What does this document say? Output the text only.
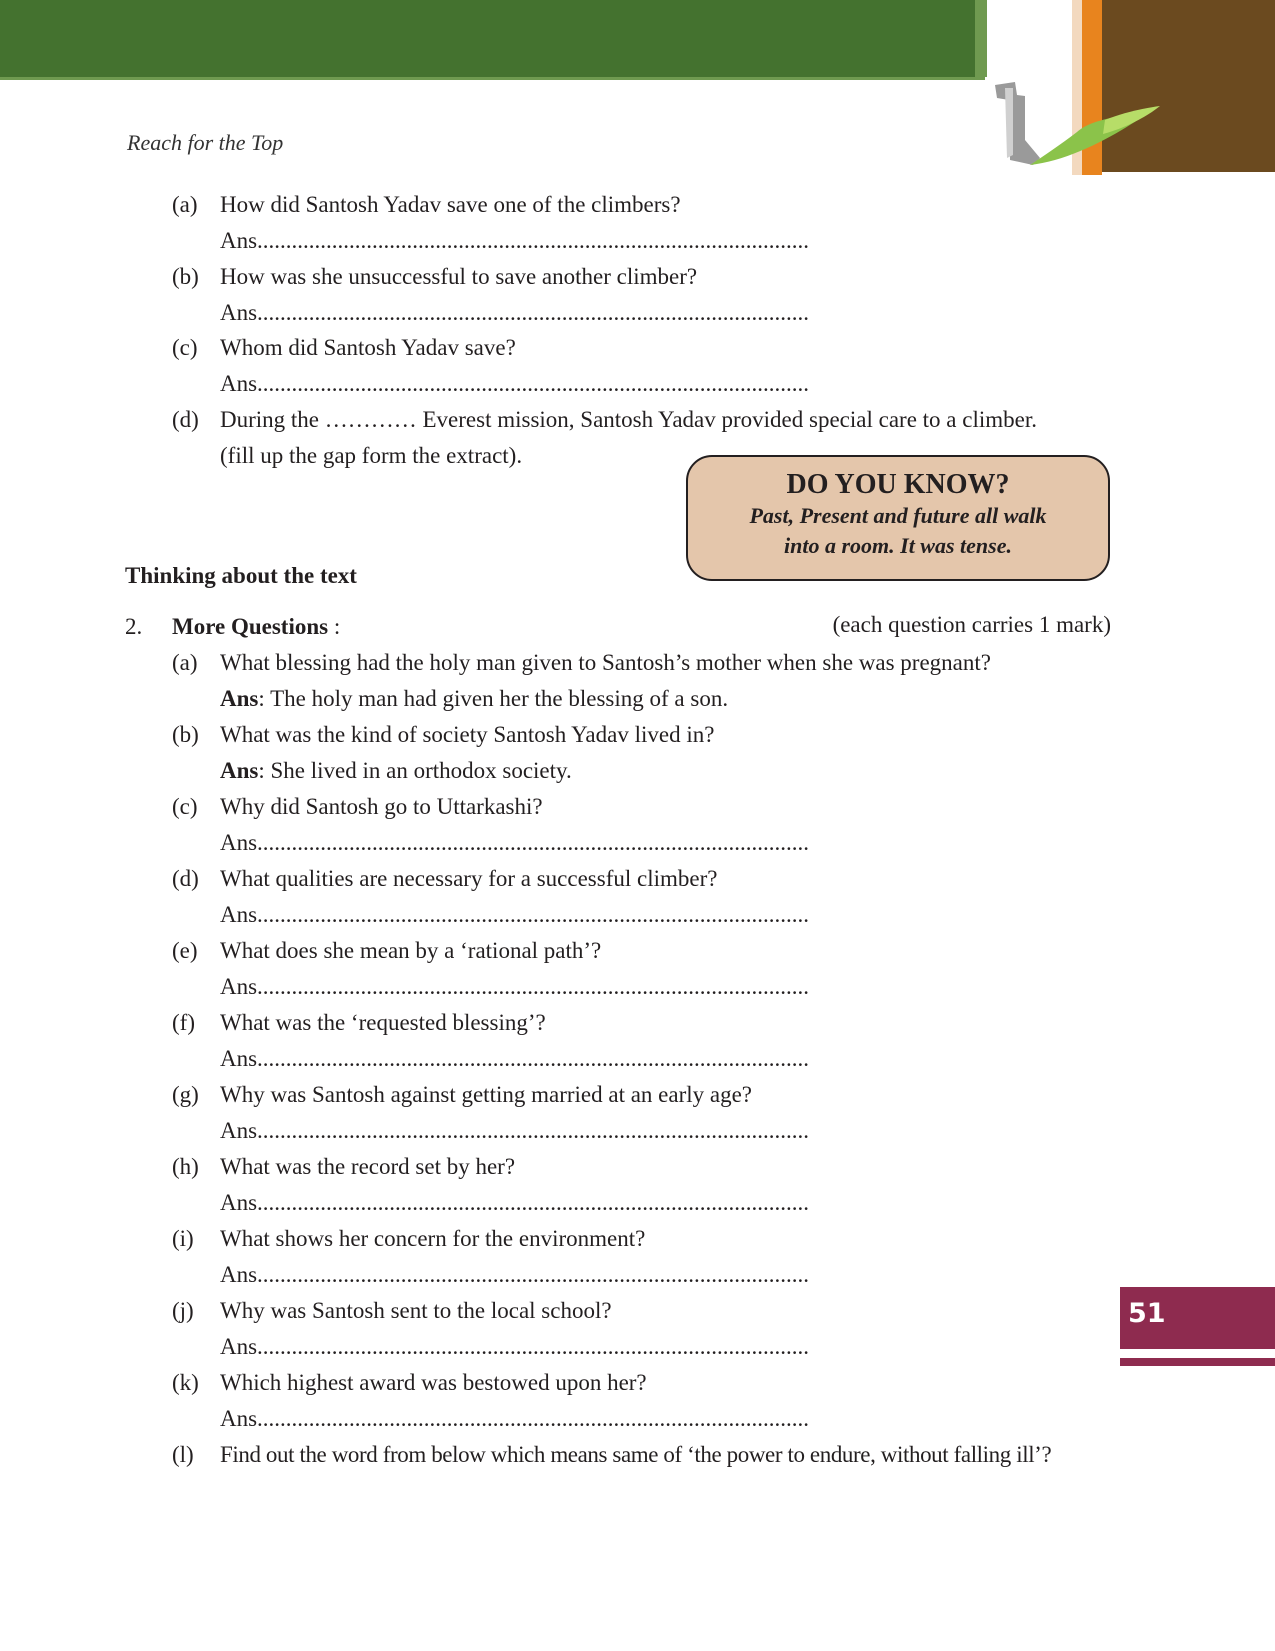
Reach for the Top
(a) How did Santosh Yadav save one of the climbers?
Ans................................................................................................
(b) How was she unsuccessful to save another climber?
Ans................................................................................................
(c) Whom did Santosh Yadav save?
Ans................................................................................................
(d) During the ………… Everest mission, Santosh Yadav provided special care to a climber.
(fill up the gap form the extract).
DO YOU KNOW?
Past, Present and future all walk
into a room. It was tense.
Thinking about the text
2. More Questions :	(each question carries 1 mark)
(a) What blessing had the holy man given to Santosh’s mother when she was pregnant?
Ans: The holy man had given her the blessing of a son.
(b) What was the kind of society Santosh Yadav lived in?
Ans: She lived in an orthodox society.
(c) Why did Santosh go to Uttarkashi?
Ans................................................................................................
(d) What qualities are necessary for a successful climber?
Ans................................................................................................
(e) What does she mean by a ‘rational path’?
Ans................................................................................................
(f) What was the ‘requested blessing’?
Ans................................................................................................
(g) Why was Santosh against getting married at an early age?
Ans................................................................................................
(h) What was the record set by her?
Ans................................................................................................
(i) What shows her concern for the environment?
Ans................................................................................................
(j) Why was Santosh sent to the local school?
Ans................................................................................................
(k) Which highest award was bestowed upon her?
Ans................................................................................................
(l) Find out the word from below which means same of ‘the power to endure, without falling ill’?
51
